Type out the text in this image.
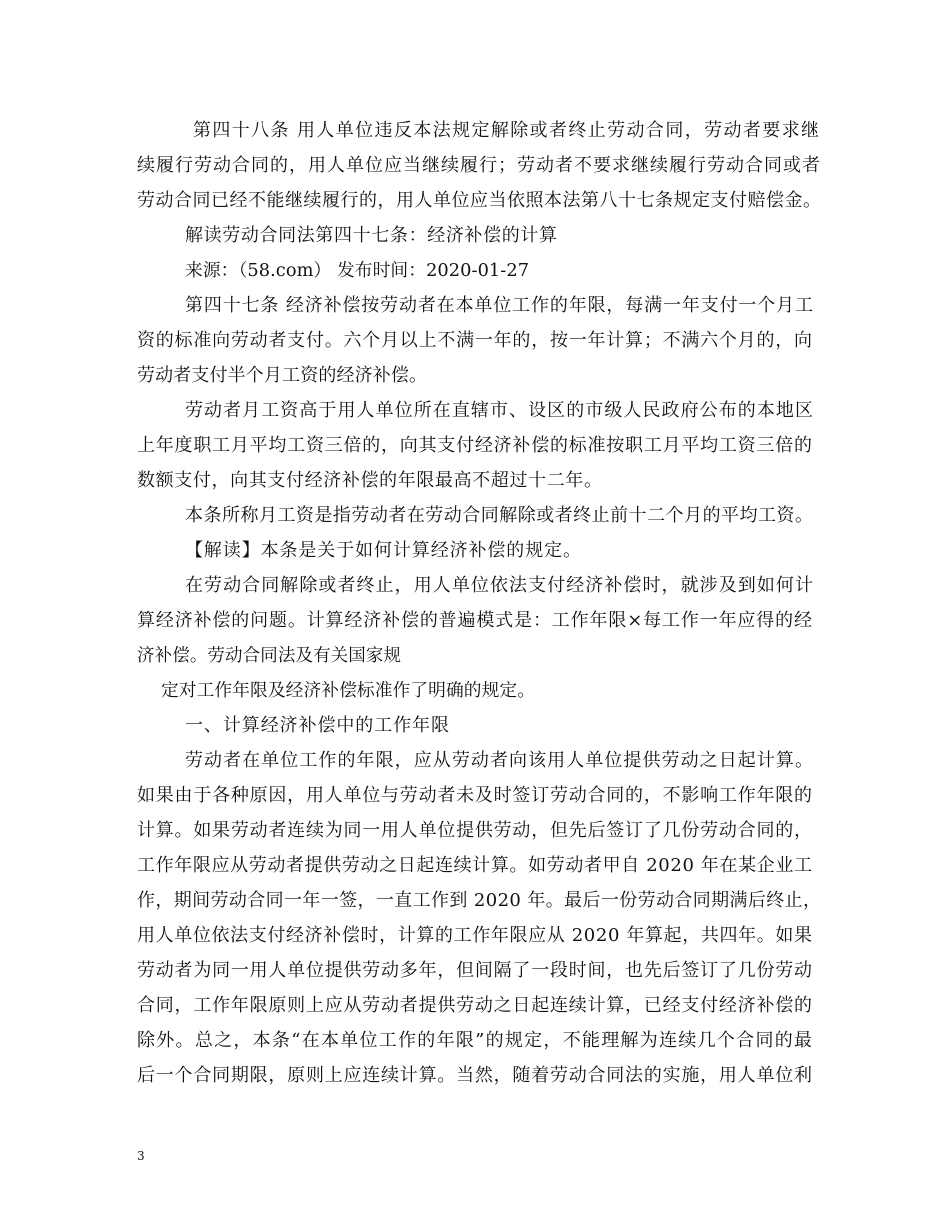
第四十八条 用人单位违反本法规定解除或者终止劳动合同，劳动者要求继
续履行劳动合同的，用人单位应当继续履行；劳动者不要求继续履行劳动合同或者
劳动合同已经不能继续履行的，用人单位应当依照本法第八十七条规定支付赔偿金。
解读劳动合同法第四十七条：经济补偿的计算
来源：（58.com） 发布时间：2020-01-27
第四十七条 经济补偿按劳动者在本单位工作的年限，每满一年支付一个月工
资的标准向劳动者支付。六个月以上不满一年的，按一年计算；不满六个月的，向
劳动者支付半个月工资的经济补偿。
劳动者月工资高于用人单位所在直辖市、设区的市级人民政府公布的本地区
上年度职工月平均工资三倍的，向其支付经济补偿的标准按职工月平均工资三倍的
数额支付，向其支付经济补偿的年限最高不超过十二年。
本条所称月工资是指劳动者在劳动合同解除或者终止前十二个月的平均工资。
【解读】本条是关于如何计算经济补偿的规定。
在劳动合同解除或者终止，用人单位依法支付经济补偿时，就涉及到如何计
算经济补偿的问题。计算经济补偿的普遍模式是：工作年限×每工作一年应得的经
济补偿。劳动合同法及有关国家规
定对工作年限及经济补偿标准作了明确的规定。
一、计算经济补偿中的工作年限
劳动者在单位工作的年限，应从劳动者向该用人单位提供劳动之日起计算。
如果由于各种原因，用人单位与劳动者未及时签订劳动合同的，不影响工作年限的
计算。如果劳动者连续为同一用人单位提供劳动，但先后签订了几份劳动合同的，
工作年限应从劳动者提供劳动之日起连续计算。如劳动者甲自 2020 年在某企业工
作，期间劳动合同一年一签，一直工作到 2020 年。最后一份劳动合同期满后终止，
用人单位依法支付经济补偿时，计算的工作年限应从 2020 年算起，共四年。如果
劳动者为同一用人单位提供劳动多年，但间隔了一段时间，也先后签订了几份劳动
合同，工作年限原则上应从劳动者提供劳动之日起连续计算，已经支付经济补偿的
除外。总之，本条“在本单位工作的年限”的规定，不能理解为连续几个合同的最
后一个合同期限，原则上应连续计算。当然，随着劳动合同法的实施，用人单位利
3
